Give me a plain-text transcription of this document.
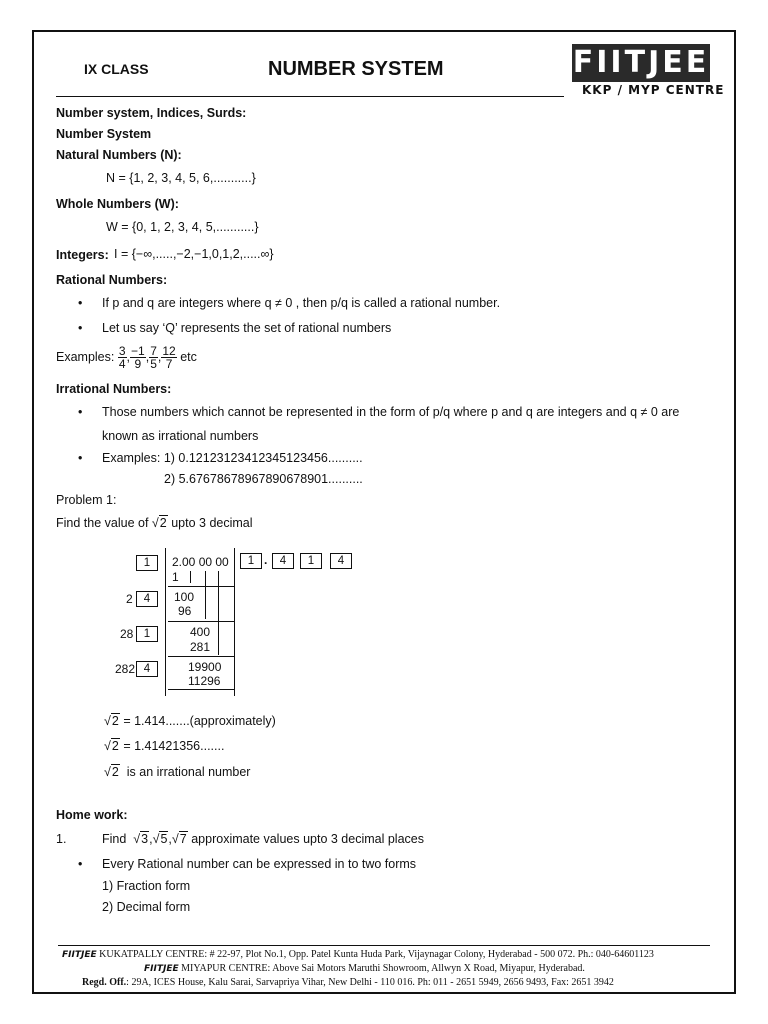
IX CLASS	NUMBER SYSTEM	FIITJEE
KKP / MYP CENTRE
Number system, Indices, Surds:
Number System
Natural Numbers (N):
N = {1, 2, 3, 4, 5, 6,...........}
Whole Numbers (W):
W = {0, 1, 2, 3, 4, 5,...........}
Integers: I = {−∞,.....,−2,−1,0,1,2,.....∞}
Rational Numbers:
• If p and q are integers where q ≠ 0 , then p/q is called a rational number.
• Let us say ‘Q’ represents the set of rational numbers
Examples: $\frac{3}{4}$ , $\frac{-1}{9}$ , $\frac{7}{5}$ , $\frac{12}{7}$ etc
Irrational Numbers:
• Those numbers which cannot be represented in the form of p/q where p and q are integers and q ≠ 0 are
known as irrational numbers
• Examples: 1) 0.12123123412345123456..........
2) 5.67678678967890678901..........
Problem 1:
Find the value of √2 upto 3 decimal
1
2 4
28 1
282 4
2.00 00 00
1
100
96
400
281
19900
11296
1 .	4	1	4
√2 = 1.414.......(approximately)
√2 = 1.41421356.......
√2 is an irrational number
Home work:
1.	Find √3,√5,√7 approximate values upto 3 decimal places
• Every Rational number can be expressed in to two forms
1) Fraction form
2) Decimal form
FIITJEE KUKATPALLY CENTRE: # 22-97, Plot No.1, Opp. Patel Kunta Huda Park, Vijaynagar Colony, Hyderabad - 500 072. Ph.: 040-64601123
FIITJEE MIYAPUR CENTRE: Above Sai Motors Maruthi Showroom, Allwyn X Road, Miyapur, Hyderabad.
Regd. Off.: 29A, ICES House, Kalu Sarai, Sarvapriya Vihar, New Delhi - 110 016. Ph: 011 - 2651 5949, 2656 9493, Fax: 2651 3942
